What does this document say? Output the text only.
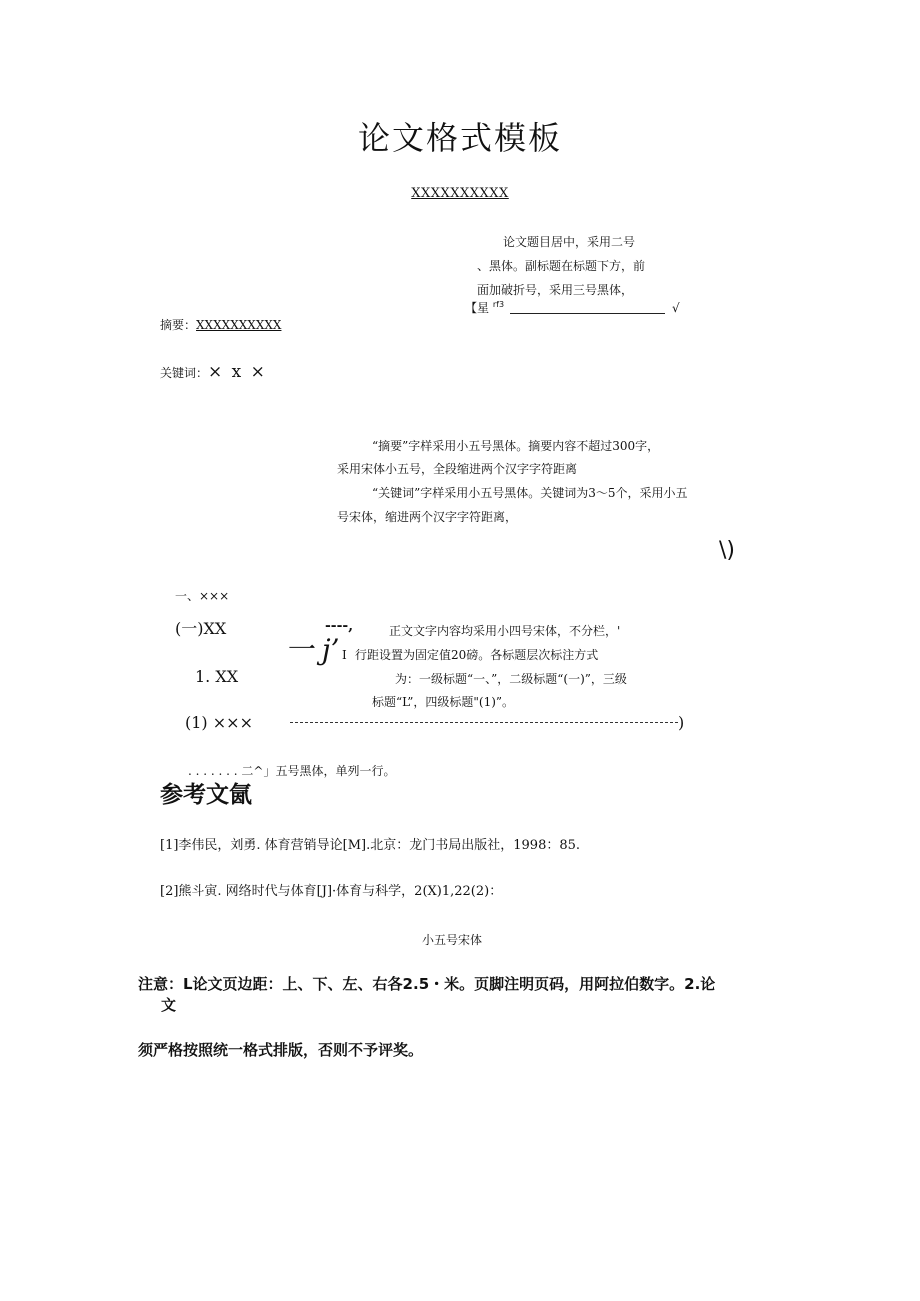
论文格式模板
XXXXXXXXXX
论文题目居中，采用二号
、黑体。副标题在标题下方，前
面加破折号，采用三号黑体，
【星 $^{rf3}$	√
摘要：XXXXXXXXXX
关键词：× x ×
“摘要”字样采用小五号黑体。摘要内容不超过300字，
采用宋体小五号，全段缩进两个汉字字符距离
“关键词”字样采用小五号黑体。关键词为3～5个，采用小五
号宋体，缩进两个汉字字符距离，
\)
一、×××
(一)XX	----,	正文文字内容均采用小四号宋体，不分栏，'
一 j’ I 行距设置为固定值20磅。各标题层次标注方式
1. XX	为：一级标题“一、”，二级标题“(一)”，三级
标题“L”，四级标题"(1)”。
(1) ×××	)
. . . . . . . 二^」五号黑体，单列一行。
参考文氤
[1]李伟民，刘勇. 体育营销导论[M].北京：龙门书局出版社，1998：85.
[2]熊斗寅. 网络时代与体育[J]·体育与科学，2(X)1,22(2)：
小五号宋体
注意：L论文页边距：上、下、左、右各2.5・米。页脚注明页码，用阿拉伯数字。2.论
文
须严格按照统一格式排版，否则不予评奖。
